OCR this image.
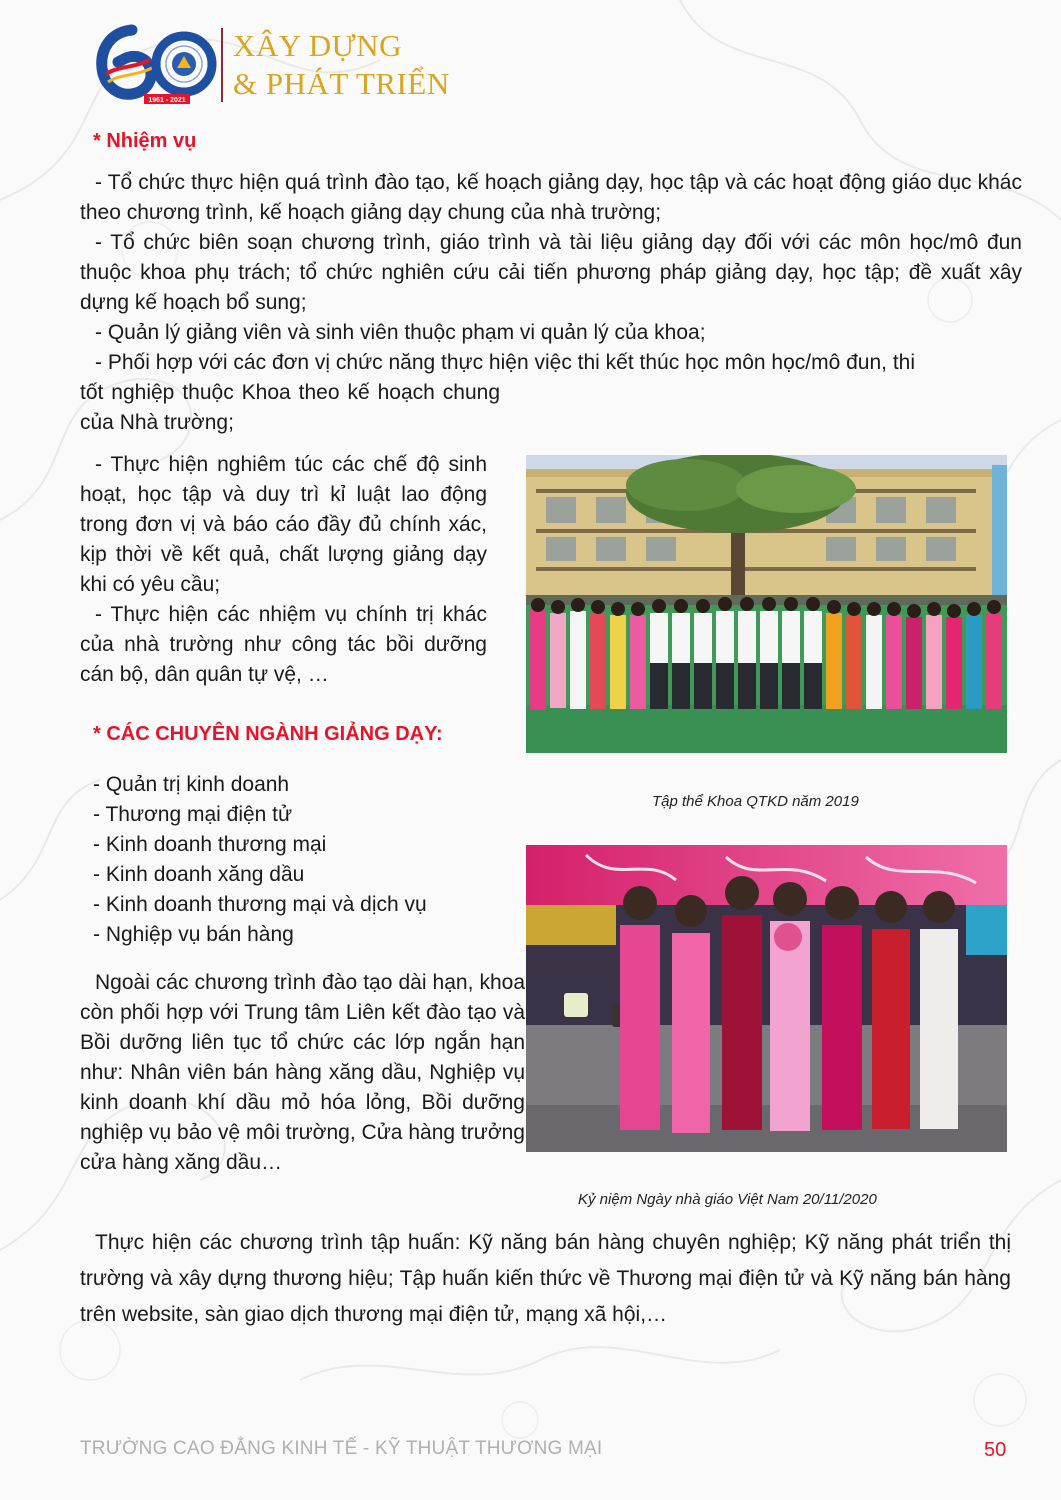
1961 - 2021
XÂY DỰNG
& PHÁT TRIỂN
* Nhiệm vụ

- Tổ chức thực hiện quá trình đào tạo, kế hoạch giảng dạy, học tập và các hoạt động giáo dục khác theo chương trình, kế hoạch giảng dạy chung của nhà trường;

- Tổ chức biên soạn chương trình, giáo trình và tài liệu giảng dạy đối với các môn học/mô đun thuộc khoa phụ trách; tổ chức nghiên cứu cải tiến phương pháp giảng dạy, học tập; đề xuất xây dựng kế hoạch bổ sung;

- Quản lý giảng viên và sinh viên thuộc phạm vi quản lý của khoa;

- Phối hợp với các đơn vị chức năng thực hiện việc thi kết thúc học môn học/mô đun, thi

tốt nghiệp thuộc Khoa theo kế hoạch chung của Nhà trường;

- Thực hiện nghiêm túc các chế độ sinh hoạt, học tập và duy trì kỉ luật lao động trong đơn vị và báo cáo đầy đủ chính xác, kịp thời về kết quả, chất lượng giảng dạy khi có yêu cầu;

- Thực hiện các nhiệm vụ chính trị khác của nhà trường như công tác bồi dưỡng cán bộ, dân quân tự vệ, …

* CÁC CHUYÊN NGÀNH GIẢNG DẠY:

- Quản trị kinh doanh

- Thương mại điện tử

- Kinh doanh thương mại

- Kinh doanh xăng dầu

- Kinh doanh thương mại và dịch vụ

- Nghiệp vụ bán hàng

Ngoài các chương trình đào tạo dài hạn, khoa còn phối hợp với Trung tâm Liên kết đào tạo và Bồi dưỡng liên tục tổ chức các lớp ngắn hạn như: Nhân viên bán hàng xăng dầu, Nghiệp vụ kinh doanh khí dầu mỏ hóa lỏng, Bồi dưỡng nghiệp vụ bảo vệ môi trường, Cửa hàng trưởng cửa hàng xăng dầu…

Tập thể Khoa QTKD năm 2019
Kỷ niệm Ngày nhà giáo Việt Nam 20/11/2020

Thực hiện các chương trình tập huấn: Kỹ năng bán hàng chuyên nghiệp; Kỹ năng phát triển thị trường và xây dựng thương hiệu; Tập huấn kiến thức về Thương mại điện tử và Kỹ năng bán hàng trên website, sàn giao dịch thương mại điện tử, mạng xã hội,…

TRƯỜNG CAO ĐẲNG KINH TẾ - KỸ THUẬT THƯƠNG MẠI	50
